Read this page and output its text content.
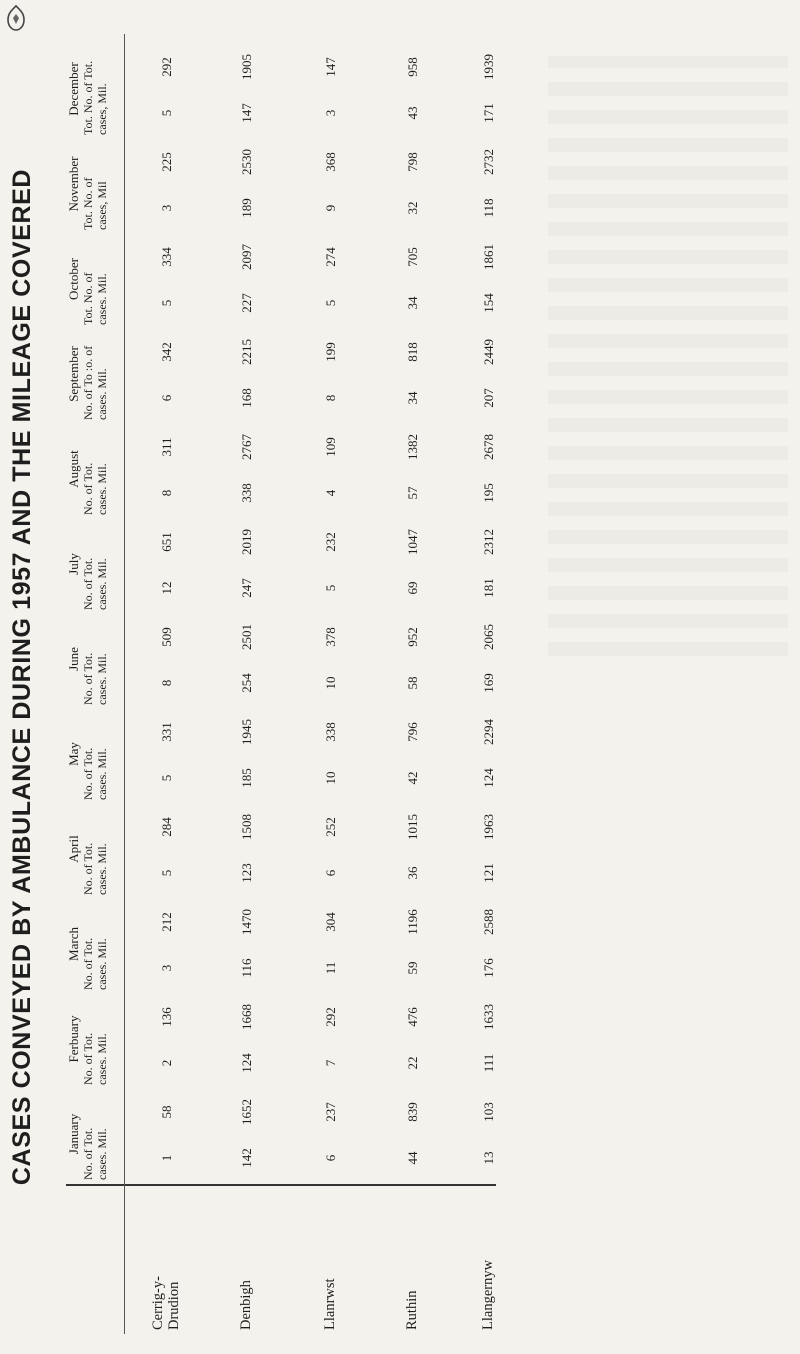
CASES CONVEYED BY AMBULANCE DURING 1957 AND THE MILEAGE COVERED January No. of Tot. cases. Mil.
Ferbuary No. of Tot. cases. Mil.
March No. of Tot. cases. Mil.
April No. of Tot. cases. Mil.
May No. of Tot. cases. Mil.
June No. of Tot. cases. Mil.
July No. of Tot. cases. Mil.
August No. of Tot. cases. Mil.
September No. of To :o. of cases. Mil.
October Tot. No. of cases. Mil.
November Tot. No. of cases, Mil
December Tot. No. of Tot. cases, Mil.
Cerrig-y-
Drudion
1
58
2
136
3
212
5
284
5
331
8
509
12
651
8
311
6
342
5
334
3
225
5
292
Denbigh
142
1652
124
1668
116
1470
123
1508
185
1945
254
2501
247
2019
338
2767
168
2215
227
2097
189
2530
147
1905
Llanrwst
6
237
7
292
11
304
6
252
10
338
10
378
5
232
4
109
8
199
5
274
9
368
3
147
Ruthin
44
839
22
476
59
1196
36
1015
42
796
58
952
69
1047
57
1382
34
818
34
705
32
798
43
958
Llangernyw
13
103
111
1633
176
2588
121
1963
124
2294
169
2065
181
2312
195
2678
207
2449
154
1861
118
2732
171
1939
